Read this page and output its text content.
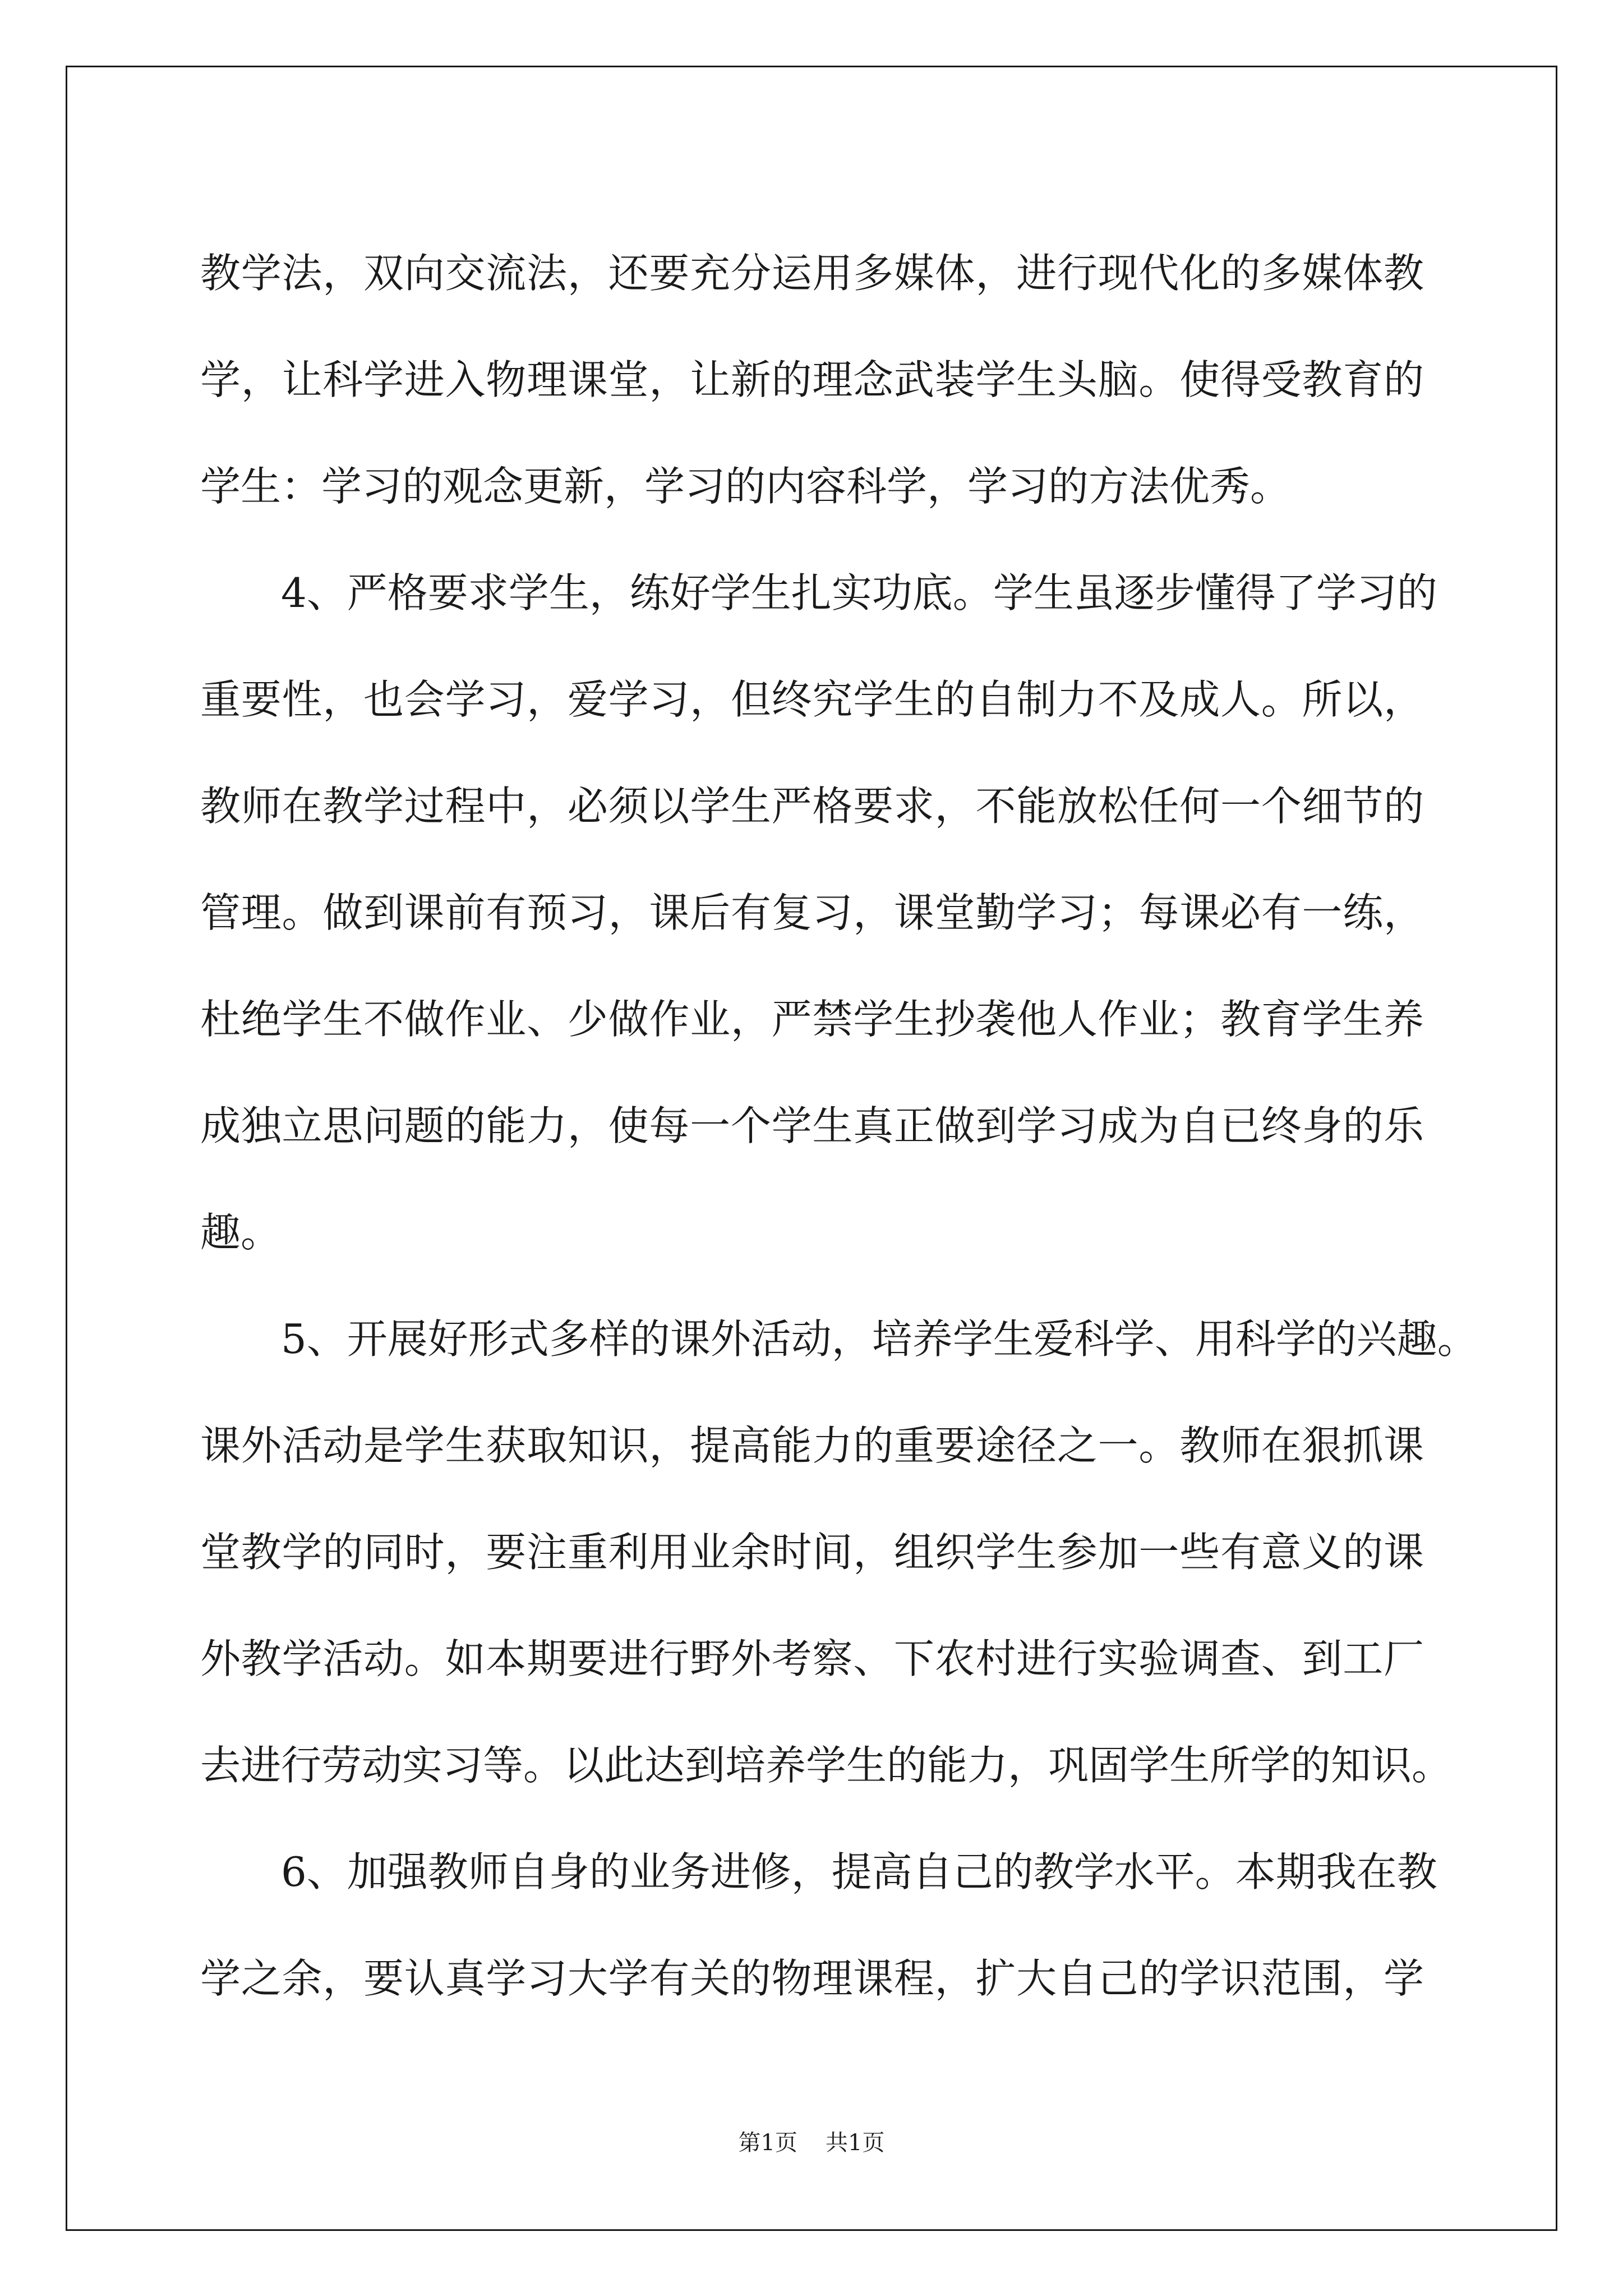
教学法，双向交流法，还要充分运用多媒体，进行现代化的多媒体教
学，让科学进入物理课堂，让新的理念武装学生头脑。使得受教育的
学生：学习的观念更新，学习的内容科学，学习的方法优秀。
4、严格要求学生，练好学生扎实功底。学生虽逐步懂得了学习的
重要性，也会学习，爱学习，但终究学生的自制力不及成人。所以，
教师在教学过程中，必须以学生严格要求，不能放松任何一个细节的
管理。做到课前有预习，课后有复习，课堂勤学习；每课必有一练，
杜绝学生不做作业、少做作业，严禁学生抄袭他人作业；教育学生养
成独立思问题的能力，使每一个学生真正做到学习成为自已终身的乐
趣。
5、开展好形式多样的课外活动，培养学生爱科学、用科学的兴趣。
课外活动是学生获取知识，提高能力的重要途径之一。教师在狠抓课
堂教学的同时，要注重利用业余时间，组织学生参加一些有意义的课
外教学活动。如本期要进行野外考察、下农村进行实验调查、到工厂
去进行劳动实习等。以此达到培养学生的能力，巩固学生所学的知识。
6、加强教师自身的业务进修，提高自己的教学水平。本期我在教
学之余，要认真学习大学有关的物理课程，扩大自己的学识范围，学
第1页 共1页
